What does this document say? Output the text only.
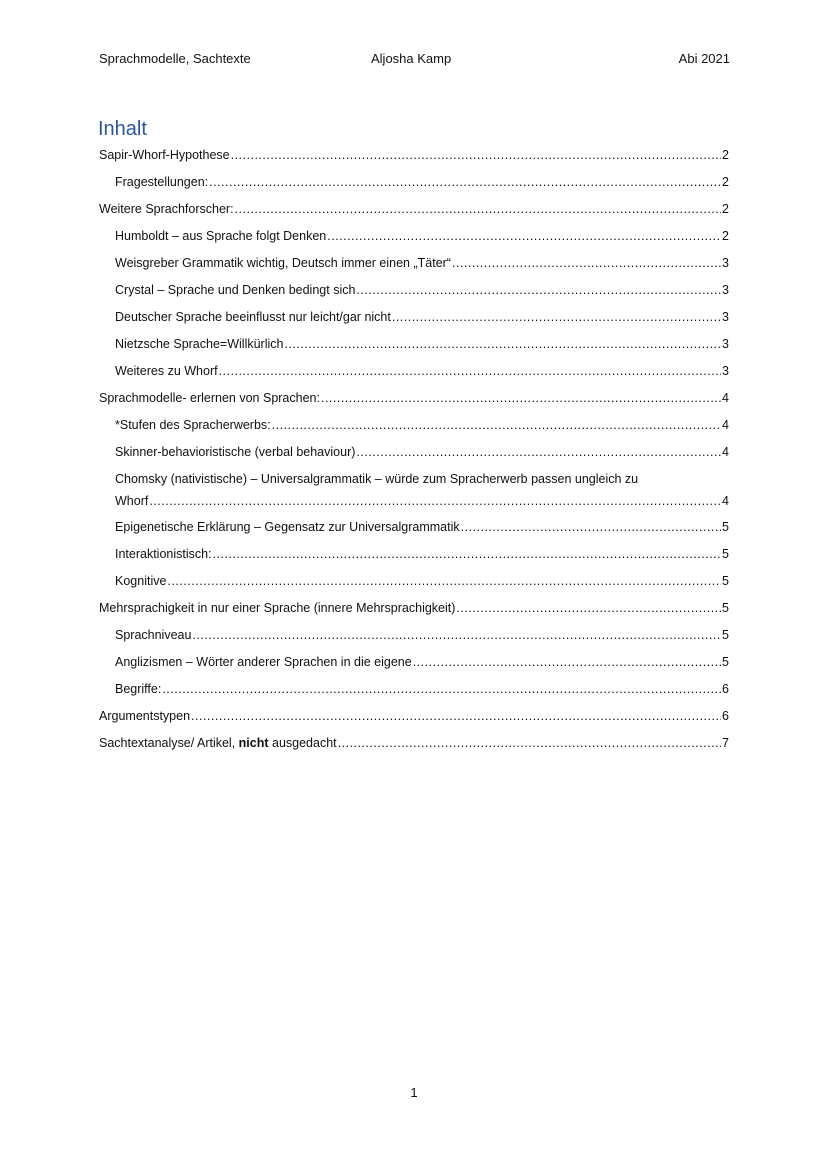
Sprachmodelle, Sachtexte	Aljosha Kamp	Abi 2021
Inhalt
Sapir-Whorf-Hypothese .....	2
Fragestellungen: .....	2
Weitere Sprachforscher: .....	2
Humboldt – aus Sprache folgt Denken .....	2
Weisgreber Grammatik wichtig, Deutsch immer einen „Täter“ .....	3
Crystal – Sprache und Denken bedingt sich .....	3
Deutscher Sprache beeinflusst nur leicht/gar nicht .....	3
Nietzsche Sprache=Willkürlich .....	3
Weiteres zu Whorf .....	3
Sprachmodelle- erlernen von Sprachen: .....	4
*Stufen des Spracherwerbs: .....	4
Skinner-behavioristische (verbal behaviour) .....	4
Chomsky (nativistische) – Universalgrammatik – würde zum Spracherwerb passen ungleich zu
Whorf .....	4
Epigenetische Erklärung – Gegensatz zur Universalgrammatik .....	5
Interaktionistisch: .....	5
Kognitive .....	5
Mehrsprachigkeit in nur einer Sprache (innere Mehrsprachigkeit) .....	5
Sprachniveau .....	5
Anglizismen – Wörter anderer Sprachen in die eigene .....	5
Begriffe: .....	6
Argumentstypen .....	6
Sachtextanalyse/ Artikel, nicht ausgedacht .....	7
1
